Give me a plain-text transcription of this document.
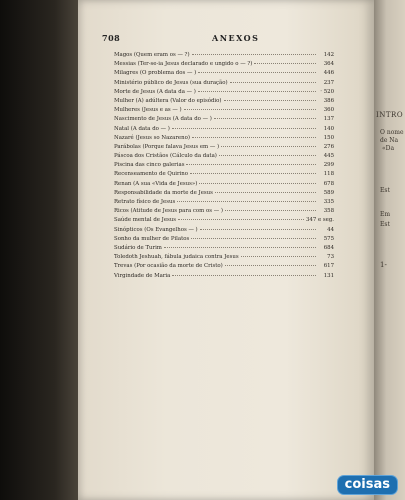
INTRO
O nome
de Na
«Da
Est
Em
Est
1-
708	ANEXOS
Magos (Quem eram os — ?)	142
Messias (Ter-se-ia Jesus declarado e ungido o — ?)	364
Milagres (O problema dos — )	446
Ministério público de Jesus (sua duração)	237
Morte de Jesus (A data da — )	· 520
Mulher (A) adúltera (Valor do episódio)	386
Mulheres (Jesus e as — )	360
Nascimento de Jesus (A data do — )	137
Natal (A data do — )	140
Nazaré (Jesus so Nazareno)	150
Parábolas (Porque falava Jesus em — )	276
Páscoa dos Cristãos (Cálculo da data)	445
Piscina das cinco galerias	299
Recenseamento de Quirino	118
Renan (A sua «Vida de Jesus»)	678
Responsabilidade da morte de Jesus	589
Retrato físico de Jesus	335
Ricos (Atitude de Jesus para com os — )	358
Saúde mental de Jesus	347 e seg.
Sinópticos (Os Evangelhos — )	44
Sonho da mulher de Pilatos	575
Sudário de Turim	684
Toledoth Jeshuah, fábula judaica contra Jesus	73
Trevas (Por ocasião da morte de Cristo)	617
Virgindade de Maria	131
coisas
